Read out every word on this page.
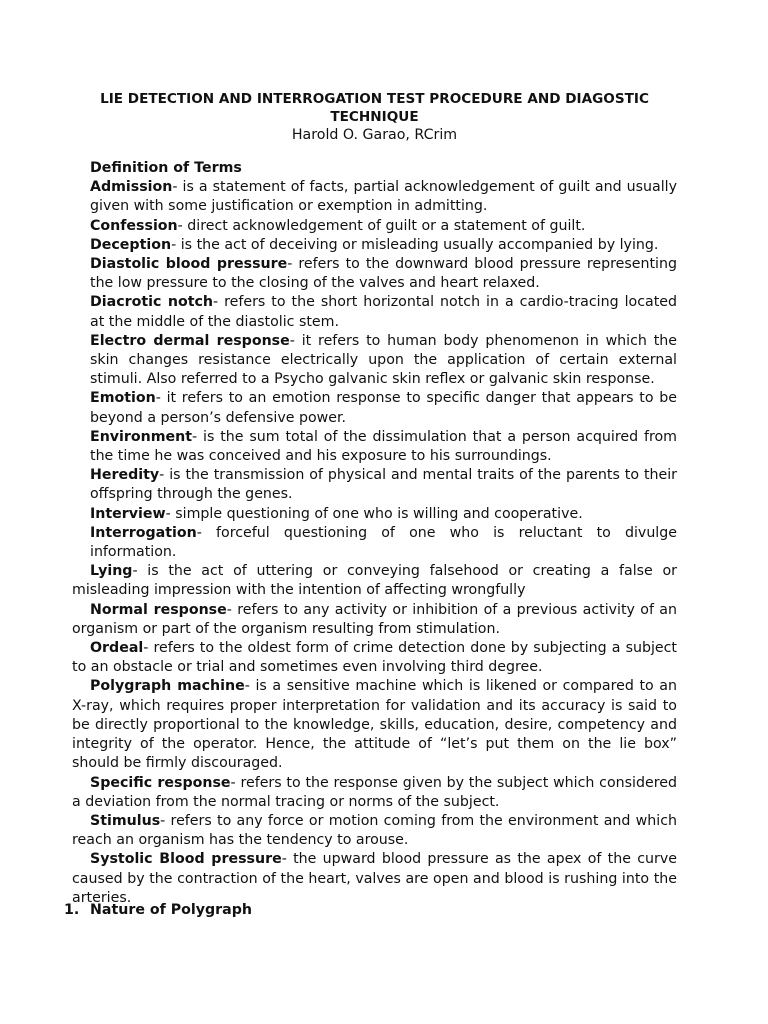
LIE DETECTION AND INTERROGATION TEST PROCEDURE AND DIAGOSTIC TECHNIQUE

Harold O. Garao, RCrim

Definition of Terms

Admission- is a statement of facts, partial acknowledgement of guilt and usually given with some justification or exemption in admitting.

Confession- direct acknowledgement of guilt or a statement of guilt.

Deception- is the act of deceiving or misleading usually accompanied by lying.

Diastolic blood pressure- refers to the downward blood pressure representing the low pressure to the closing of the valves and heart relaxed.

Diacrotic notch- refers to the short horizontal notch in a cardio-tracing located at the middle of the diastolic stem.

Electro dermal response- it refers to human body phenomenon in which the skin changes resistance electrically upon the application of certain external stimuli. Also referred to a Psycho galvanic skin reflex or galvanic skin response.

Emotion- it refers to an emotion response to specific danger that appears to be beyond a person’s defensive power.

Environment- is the sum total of the dissimulation that a person acquired from the time he was conceived and his exposure to his surroundings.

Heredity- is the transmission of physical and mental traits of the parents to their offspring through the genes.

Interview- simple questioning of one who is willing and cooperative.

Interrogation- forceful questioning of one who is reluctant to divulge information.

Lying- is the act of uttering or conveying falsehood or creating a false or misleading impression with the intention of affecting wrongfully

Normal response- refers to any activity or inhibition of a previous activity of an organism or part of the organism resulting from stimulation.

Ordeal- refers to the oldest form of crime detection done by subjecting a subject to an obstacle or trial and sometimes even involving third degree.

Polygraph machine- is a sensitive machine which is likened or compared to an X-ray, which requires proper interpretation for validation and its accuracy is said to be directly proportional to the knowledge, skills, education, desire, competency and integrity of the operator. Hence, the attitude of “let’s put them on the lie box” should be firmly discouraged.

Specific response- refers to the response given by the subject which considered a deviation from the normal tracing or norms of the subject.

Stimulus- refers to any force or motion coming from the environment and which reach an organism has the tendency to arouse.

Systolic Blood pressure- the upward blood pressure as the apex of the curve caused by the contraction of the heart, valves are open and blood is rushing into the arteries.

1. Nature of Polygraph
